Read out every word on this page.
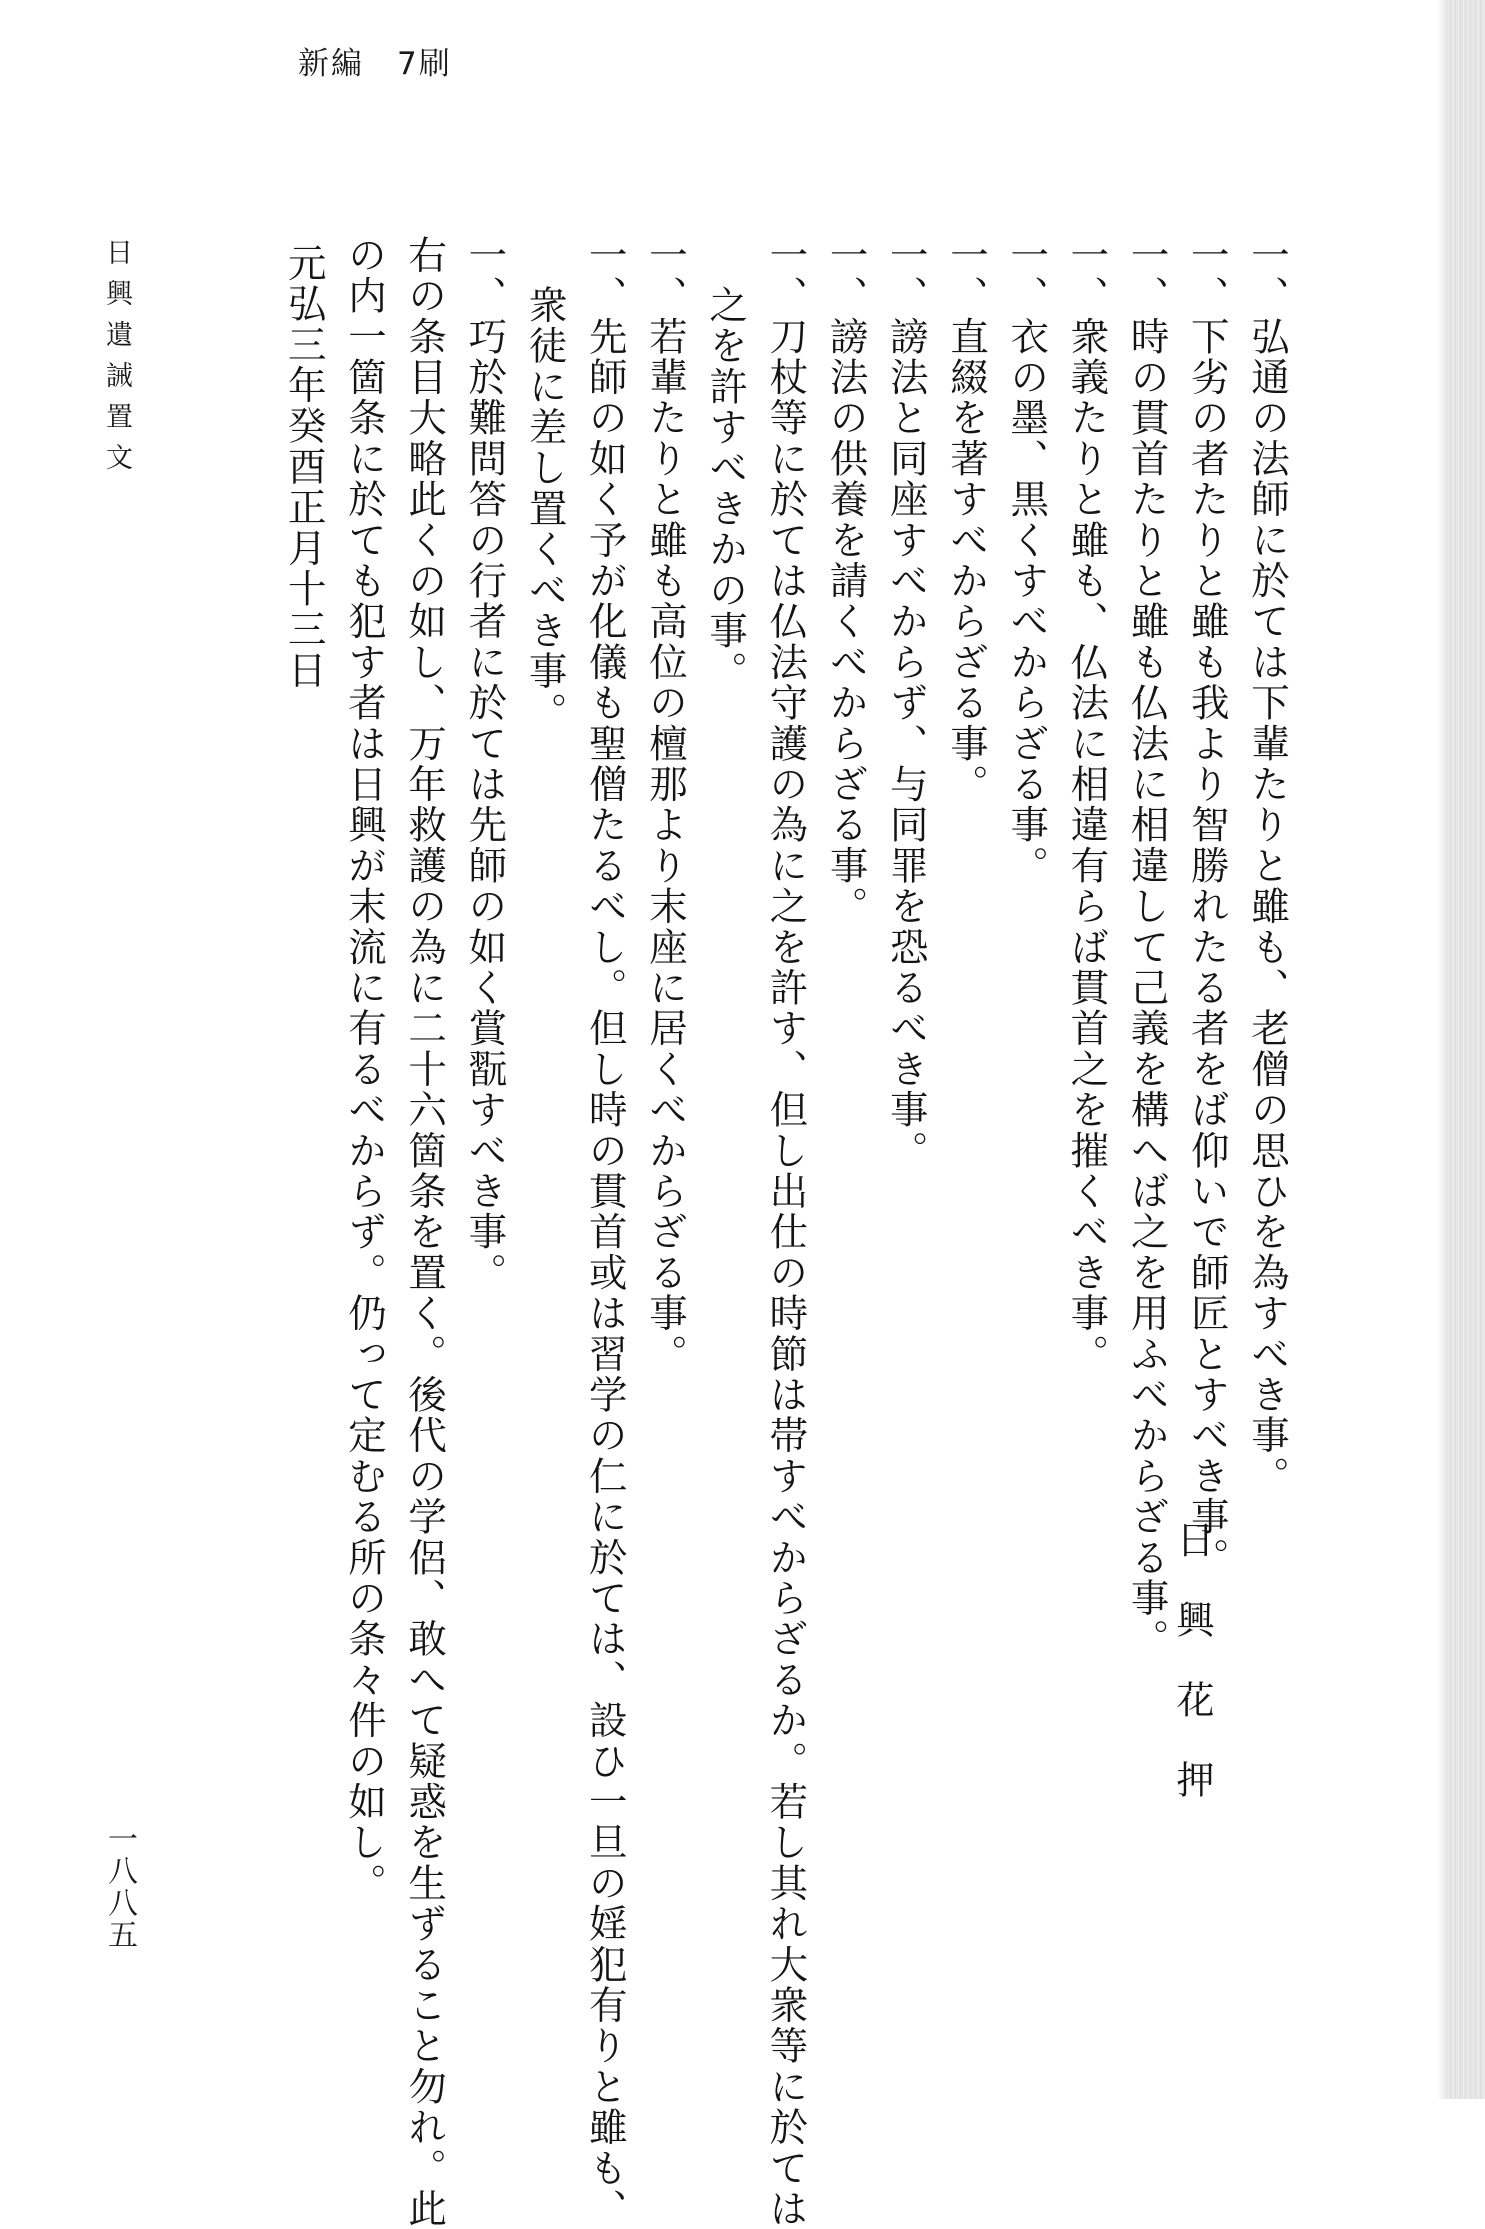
新編　7刷
一、弘通の法師に於ては下輩たりと雖も、老僧の思ひを為すべき事。
一、下劣の者たりと雖も我より智勝れたる者をば仰いで師匠とすべき事。
一、時の貫首たりと雖も仏法に相違して己義を構へば之を用ふべからざる事。
一、衆義たりと雖も、仏法に相違有らば貫首之を摧くべき事。
一、衣の墨、黒くすべからざる事。
一、直綴を著すべからざる事。
一、謗法と同座すべからず、与同罪を恐るべき事。
一、謗法の供養を請くべからざる事。
一、刀杖等に於ては仏法守護の為に之を許す、但し出仕の時節は帯すべからざるか。若し其れ大衆等に於ては
之を許すべきかの事。
一、若輩たりと雖も高位の檀那より末座に居くべからざる事。
一、先師の如く予が化儀も聖僧たるべし。但し時の貫首或は習学の仁に於ては、設ひ一旦の婬犯有りと雖も、
衆徒に差し置くべき事。
一、巧於難問答の行者に於ては先師の如く賞翫すべき事。
右の条目大略此くの如し、万年救護の為に二十六箇条を置く。後代の学侶、敢へて疑惑を生ずること勿れ。此
の内一箇条に於ても犯す者は日興が末流に有るべからず。仍って定むる所の条々件の如し。
元弘三年癸酉正月十三日
日興花押
日興遺誡置文
一八八五
